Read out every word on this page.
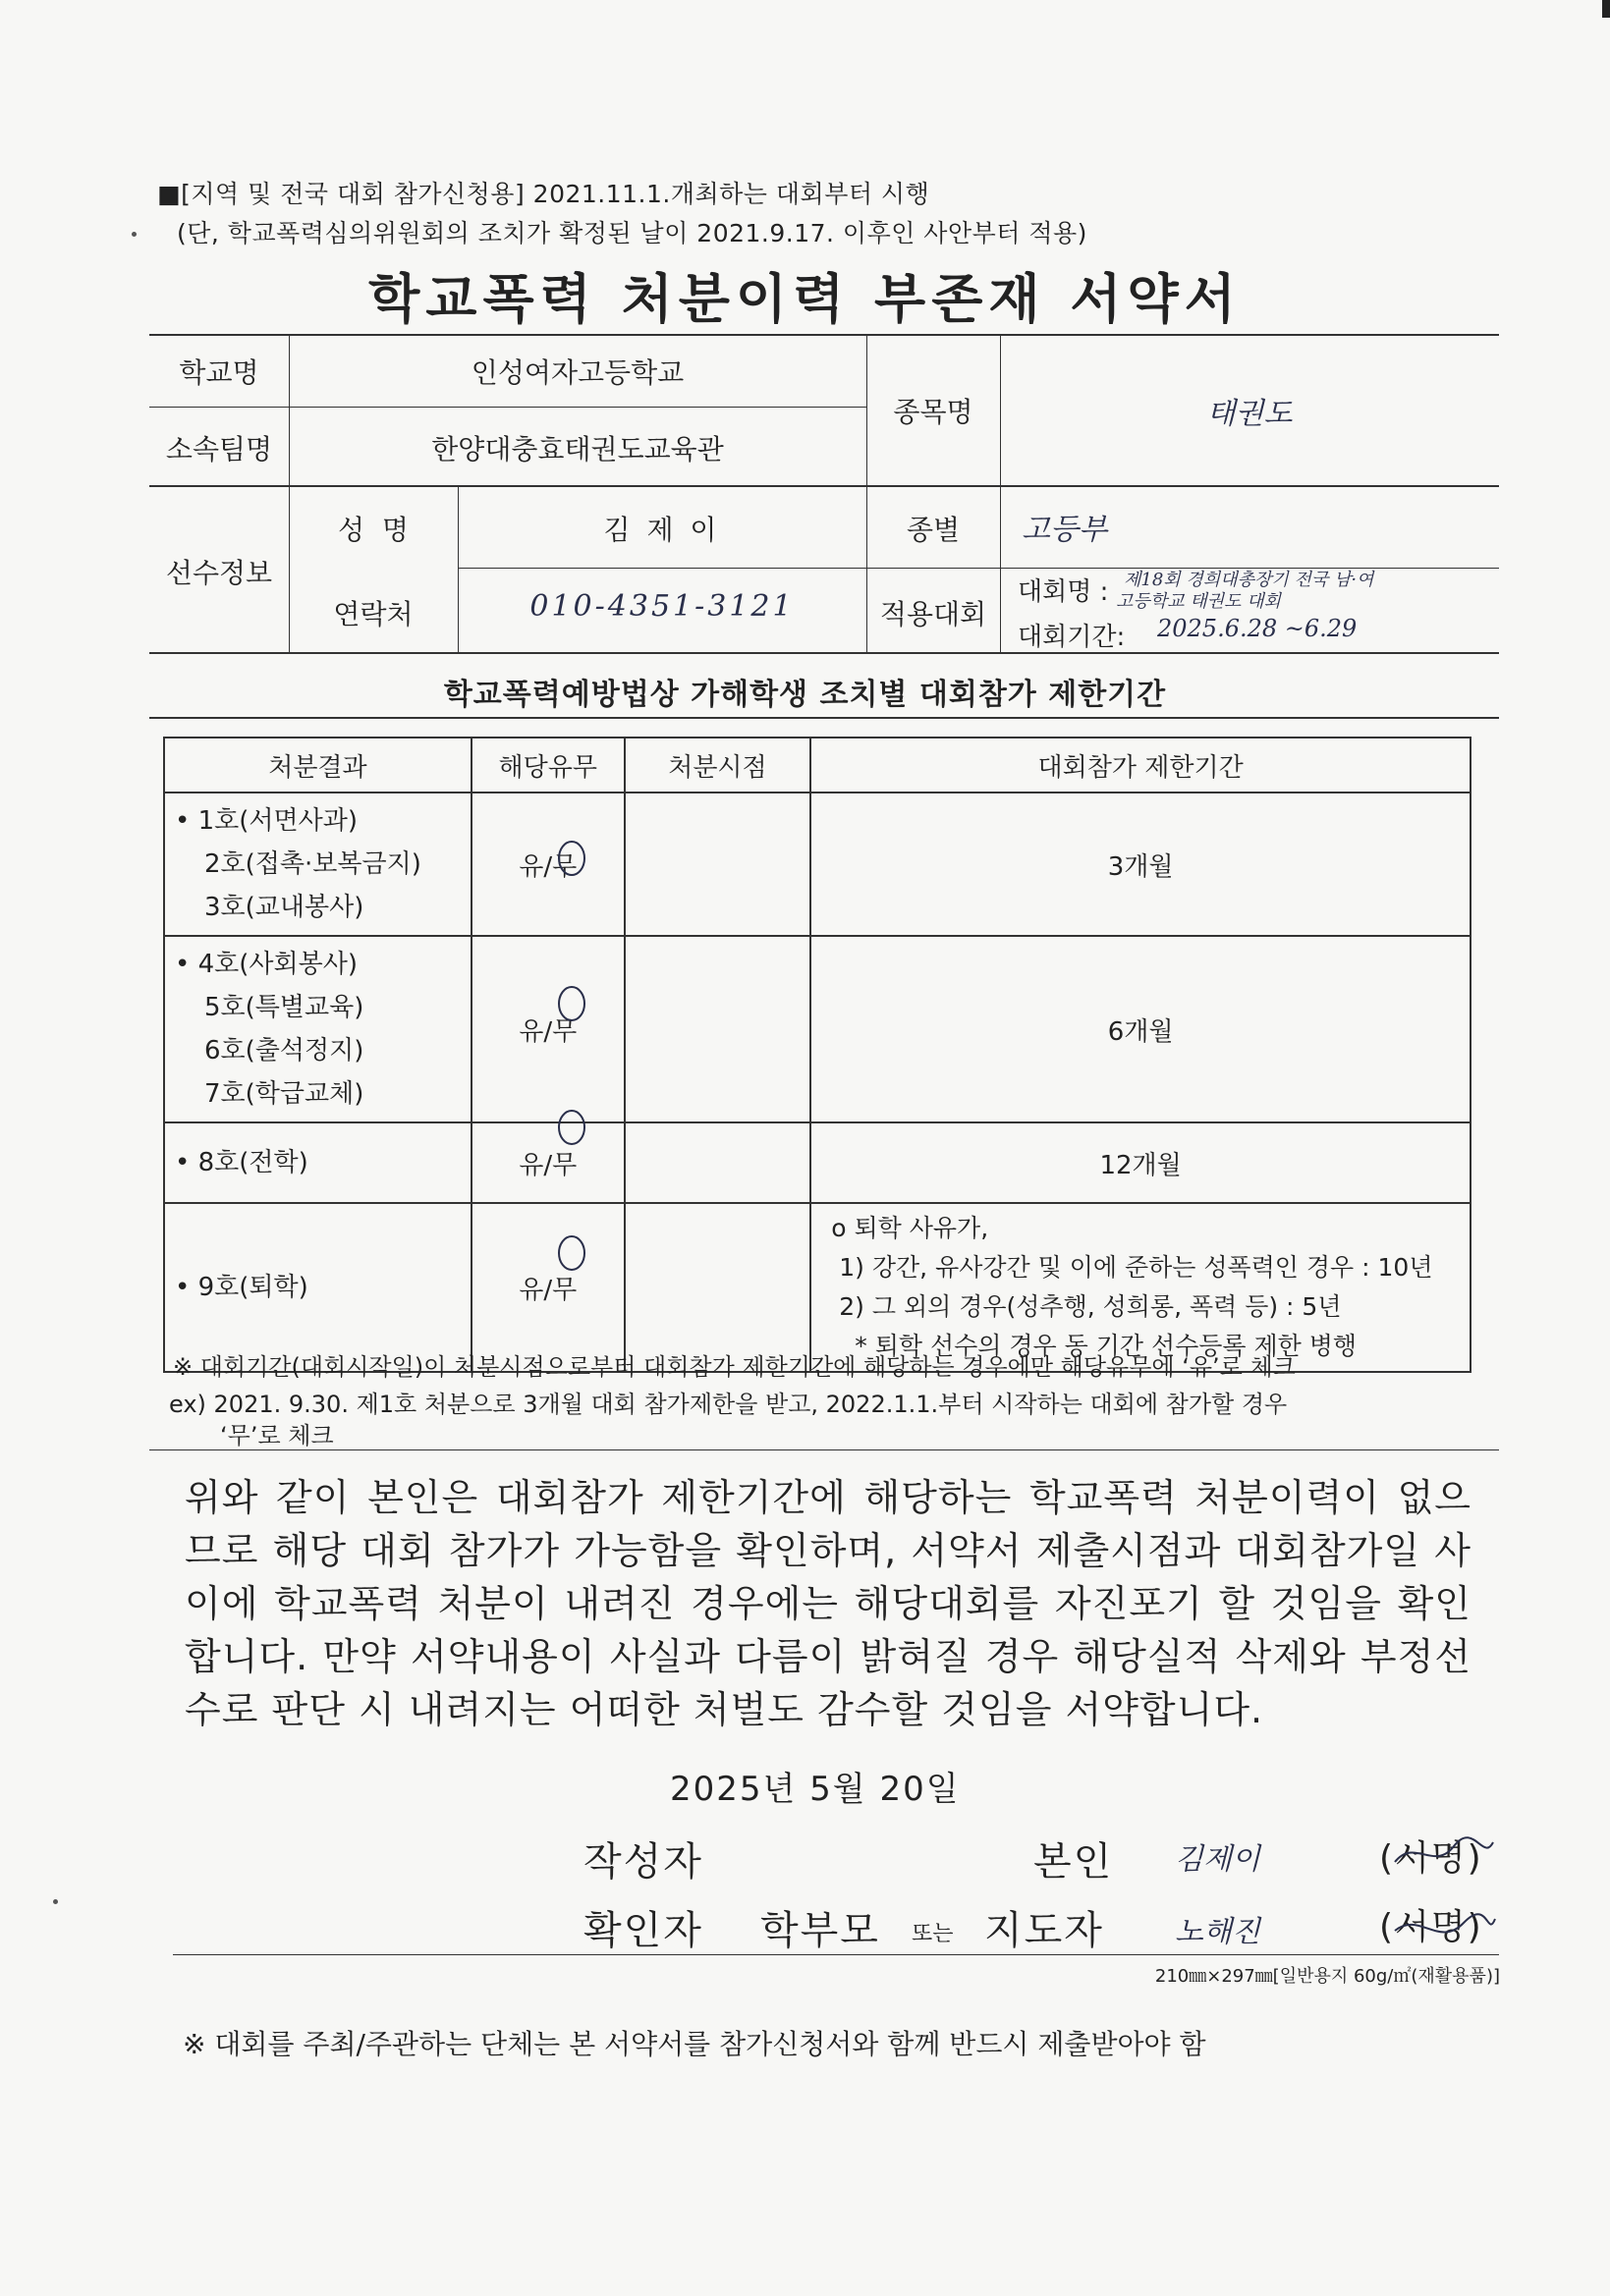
■[지역 및 전국 대회 참가신청용] 2021.11.1.개최하는 대회부터 시행
(단, 학교폭력심의위원회의 조치가 확정된 날이 2021.9.17. 이후인 사안부터 적용)
학교폭력 처분이력 부존재 서약서
학교명	인성여자고등학교
소속팀명	한양대충효태권도교육관
종목명	태권도
선수정보
성  명	김 제 이
연락처	010-4351-3121
종별	고등부
적용대회
대회명 : 제18회 경희대총장기 전국 남·여
고등학교 태권도 대회
대회기간: 2025.6.28 ~6.29
학교폭력예방법상 가해학생 조치별 대회참가 제한기간
처분결과	해당유무	처분시점	대회참가 제한기간

• 1호(서면사과)
2호(접촉·보복금지)
3호(교내봉사)	유/무		3개월

• 4호(사회봉사)
5호(특별교육)
6호(출석정지)
7호(학급교체)	유/무		6개월

• 8호(전학)	유/무		12개월

• 9호(퇴학)	유/무		o 퇴학 사유가,
1) 강간, 유사강간 및 이에 준하는 성폭력인 경우 : 10년
2) 그 외의 경우(성추행, 성희롱, 폭력 등) : 5년
* 퇴학 선수의 경우 동 기간 선수등록 제한 병행
※ 대회기간(대회시작일)이 처분시점으로부터 대회참가 제한기간에 해당하는 경우에만 해당유무에 ‘유’로 체크
ex) 2021. 9.30. 제1호 처분으로 3개월 대회 참가제한을 받고, 2022.1.1.부터 시작하는 대회에 참가할 경우
‘무’로 체크
위와 같이 본인은 대회참가 제한기간에 해당하는 학교폭력 처분이력이 없으므로 해당 대회 참가가 가능함을 확인하며, 서약서 제출시점과 대회참가일 사이에 학교폭력 처분이 내려진 경우에는 해당대회를 자진포기 할 것임을 확인합니다. 만약 서약내용이 사실과 다름이 밝혀질 경우 해당실적 삭제와 부정선수로 판단 시 내려지는 어떠한 처벌도 감수할 것임을 서약합니다.
2025년 5월 20일
작성자	본인 김제이	(서명)
확인자 학부모 또는 지도자 노해진	(서명)
210㎜×297㎜[일반용지 60g/㎡(재활용품)]
※ 대회를 주최/주관하는 단체는 본 서약서를 참가신청서와 함께 반드시 제출받아야 함
